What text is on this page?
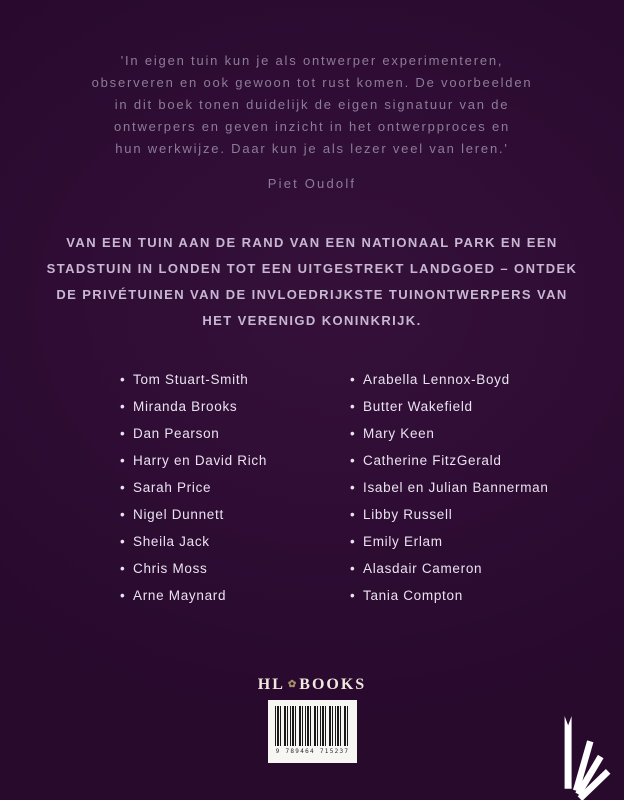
'In eigen tuin kun je als ontwerper experimenteren,
observeren en ook gewoon tot rust komen. De voorbeelden
in dit boek tonen duidelijk de eigen signatuur van de
ontwerpers en geven inzicht in het ontwerpproces en
hun werkwijze. Daar kun je als lezer veel van leren.'
Piet Oudolf
VAN EEN TUIN AAN DE RAND VAN EEN NATIONAAL PARK EN EEN
STADSTUIN IN LONDEN TOT EEN UITGESTREKT LANDGOED – ONTDEK
DE PRIVÉTUINEN VAN DE INVLOEDRIJKSTE TUINONTWERPERS VAN
HET VERENIGD KONINKRIJK.
• Tom Stuart-Smith
• Miranda Brooks
• Dan Pearson
• Harry en David Rich
• Sarah Price
• Nigel Dunnett
• Sheila Jack
• Chris Moss
• Arne Maynard
• Arabella Lennox-Boyd
• Butter Wakefield
• Mary Keen
• Catherine FitzGerald
• Isabel en Julian Bannerman
• Libby Russell
• Emily Erlam
• Alasdair Cameron
• Tania Compton
HL ✿ BOOKS
9 789464 715237
